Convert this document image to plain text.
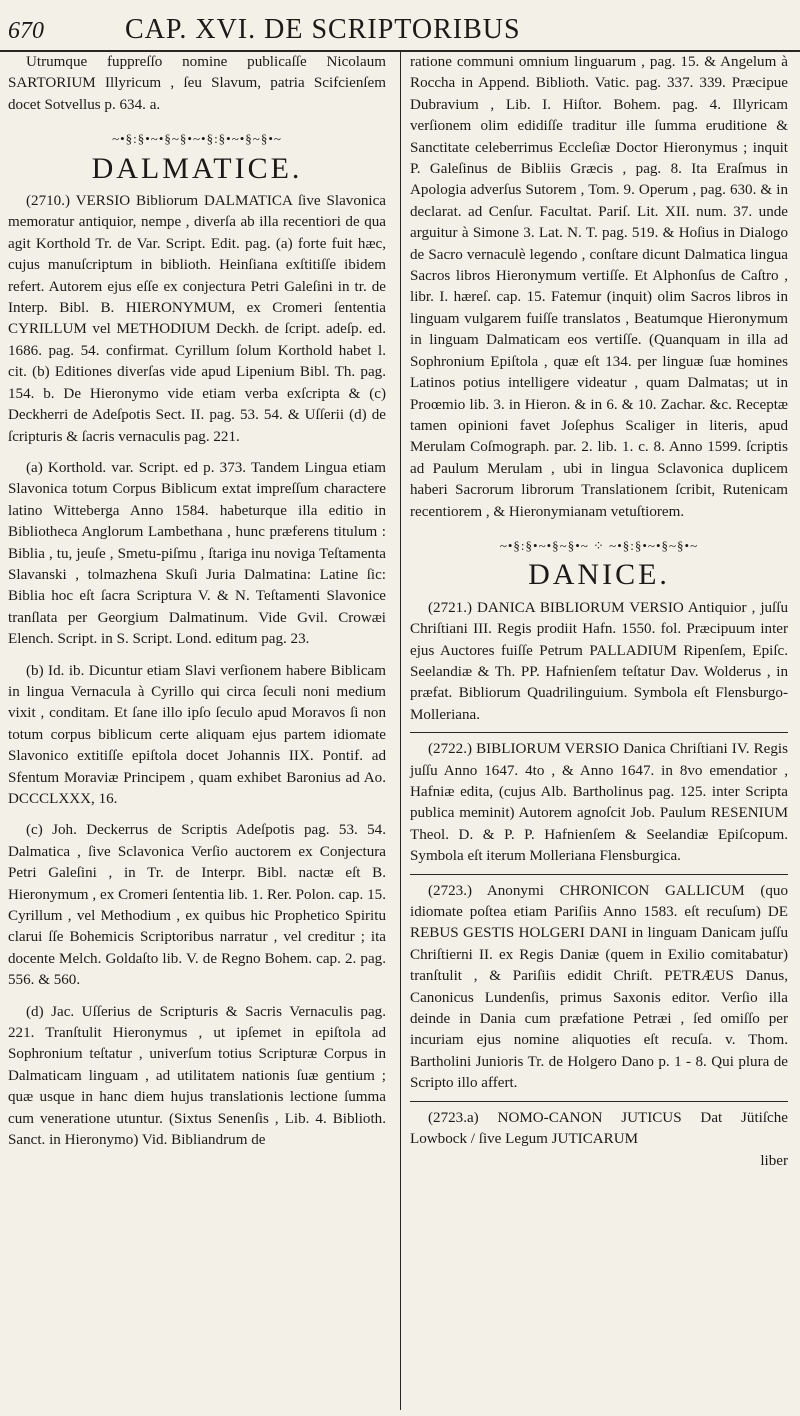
670	CAP. XVI. DE SCRIPTORIBUS

Utrumque fuppreſſo nomine publicaſſe Nicolaum SARTORIUM Illyricum , ſeu Slavum, patria Scifcienſem docet Sotvellus p. 634. a.

~•§:§•~•§~§•~•§:§•~•§~§•~
DALMATICE.

(2710.) VERSIO Bibliorum DALMATICA ſive Slavonica memoratur antiquior, nempe , diverſa ab illa recentiori de qua agit Korthold Tr. de Var. Script. Edit. pag. (a) forte fuit hæc, cujus manuſcriptum in biblioth. Heinſiana exſtitiſſe ibidem refert. Autorem ejus eſſe ex conjectura Petri Galeſini in tr. de Interp. Bibl. B. HIERONYMUM, ex Cromeri ſententia CYRILLUM vel METHODIUM Deckh. de ſcript. adeſp. ed. 1686. pag. 54. confirmat. Cyrillum ſolum Korthold habet l. cit. (b) Editiones diverſas vide apud Lipenium Bibl. Th. pag. 154. b. De Hieronymo vide etiam verba exſcripta & (c) Deckherri de Adeſpotis Sect. II. pag. 53. 54. & Uſſerii (d) de ſcripturis & ſacris vernaculis pag. 221.

(a) Korthold. var. Script. ed p. 373. Tandem Lingua etiam Slavonica totum Corpus Biblicum extat impreſſum charactere latino Witteberga Anno 1584. habeturque illa editio in Bibliotheca Anglorum Lambethana , hunc præferens titulum : Biblia , tu, jeuſe , Smetu-piſmu , ſtariga inu noviga Teſtamenta Slavanski , tolmazhena Skuſi Juria Dalmatina: Latine ſic: Biblia hoc eſt ſacra Scriptura V. & N. Teſtamenti Slavonice tranſlata per Georgium Dalmatinum. Vide Gvil. Crowæi Elench. Script. in S. Script. Lond. editum pag. 23.

(b) Id. ib. Dicuntur etiam Slavi verſionem habere Biblicam in lingua Vernacula à Cyrillo qui circa ſeculi noni medium vixit , conditam. Et ſane illo ipſo ſeculo apud Moravos ſi non totum corpus biblicum certe aliquam ejus partem idiomate Slavonico extitiſſe epiſtola docet Johannis IIX. Pontif. ad Sfentum Moraviæ Principem , quam exhibet Baronius ad Ao. DCCCLXXX, 16.

(c) Joh. Deckerrus de Scriptis Adeſpotis pag. 53. 54. Dalmatica , ſive Sclavonica Verſio auctorem ex Conjectura Petri Galeſini , in Tr. de Interpr. Bibl. nactæ eſt B. Hieronymum , ex Cromeri ſententia lib. 1. Rer. Polon. cap. 15. Cyrillum , vel Methodium , ex quibus hic Prophetico Spiritu clarui ſſe Bohemicis Scriptoribus narratur , vel creditur ; ita docente Melch. Goldaſto lib. V. de Regno Bohem. cap. 2. pag. 556. & 560.

(d) Jac. Uſſerius de Scripturis & Sacris Vernaculis pag. 221. Tranſtulit Hieronymus , ut ipſemet in epiſtola ad Sophronium teſtatur , univerſum totius Scripturæ Corpus in Dalmaticam linguam , ad utilitatem nationis ſuæ gentium ; quæ usque in hanc diem hujus translationis lectione ſumma cum veneratione utuntur. (Sixtus Senenſis , Lib. 4. Biblioth. Sanct. in Hieronymo) Vid. Bibliandrum de

ratione communi omnium linguarum , pag. 15. & Angelum à Roccha in Append. Biblioth. Vatic. pag. 337. 339. Præcipue Dubravium , Lib. I. Hiſtor. Bohem. pag. 4. Illyricam verſionem olim edidiſſe traditur ille ſumma eruditione & Sanctitate celeberrimus Eccleſiæ Doctor Hieronymus ; inquit P. Galeſinus de Bibliis Græcis , pag. 8. Ita Eraſmus in Apologia adverſus Sutorem , Tom. 9. Operum , pag. 630. & in declarat. ad Cenſur. Facultat. Pariſ. Lit. XII. num. 37. unde arguitur à Simone 3. Lat. N. T. pag. 519. & Hoſius in Dialogo de Sacro vernaculè legendo , conſtare dicunt Dalmatica lingua Sacros libros Hieronymum vertiſſe. Et Alphonſus de Caſtro , libr. I. hæreſ. cap. 15. Fatemur (inquit) olim Sacros libros in linguam vulgarem fuiſſe translatos , Beatumque Hieronymum in linguam Dalmaticam eos vertiſſe. (Quanquam in illa ad Sophronium Epiſtola , quæ eſt 134. per linguæ ſuæ homines Latinos potius intelligere videatur , quam Dalmatas; ut in Proœmio lib. 3. in Hieron. & in 6. & 10. Zachar. &c. Receptæ tamen opinioni favet Joſephus Scaliger in literis, apud Merulam Coſmograph. par. 2. lib. 1. c. 8. Anno 1599. ſcriptis ad Paulum Merulam , ubi in lingua Sclavonica duplicem haberi Sacrorum librorum Translationem ſcribit, Rutenicam recentiorem , & Hieronymianam vetuſtiorem.

~•§:§•~•§~§•~ ⁘ ~•§:§•~•§~§•~
DANICE.

(2721.) DANICA BIBLIORUM VERSIO Antiquior , juſſu Chriſtiani III. Regis prodiit Hafn. 1550. fol. Præcipuum inter ejus Auctores fuiſſe Petrum PALLADIUM Ripenſem, Epiſc. Seelandiæ & Th. PP. Hafnienſem teſtatur Dav. Wolderus , in præfat. Bibliorum Quadrilinguium. Symbola eſt Flensburgo-Molleriana.

(2722.) BIBLIORUM VERSIO Danica Chriſtiani IV. Regis juſſu Anno 1647. 4to , & Anno 1647. in 8vo emendatior , Hafniæ edita, (cujus Alb. Bartholinus pag. 125. inter Scripta publica meminit) Autorem agnoſcit Job. Paulum RESENIUM Theol. D. & P. P. Hafnienſem & Seelandiæ Epiſcopum. Symbola eſt iterum Molleriana Flensburgica.

(2723.) Anonymi CHRONICON GALLICUM (quo idiomate poſtea etiam Pariſiis Anno 1583. eſt recuſum) DE REBUS GESTIS HOLGERI DANI in linguam Danicam juſſu Chriſtierni II. ex Regis Daniæ (quem in Exilio comitabatur) tranſtulit , & Pariſiis edidit Chriſt. PETRÆUS Danus, Canonicus Lundenſis, primus Saxonis editor. Verſio illa deinde in Dania cum præfatione Petræi , ſed omiſſo per incuriam ejus nomine aliquoties eſt recuſa. v. Thom. Bartholini Junioris Tr. de Holgero Dano p. 1 - 8. Qui plura de Scripto illo affert.

(2723.a) NOMO-CANON JUTICUS Dat Jütiſche Lowbock / ſive Legum JUTICARUM

liber
